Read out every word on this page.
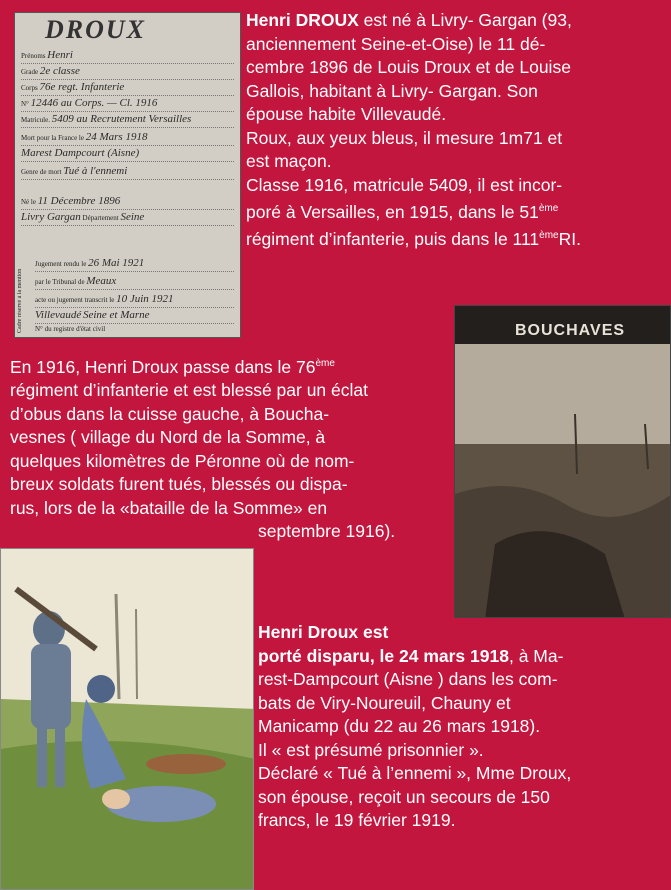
Henri DROUX est né à Livry- Gargan (93,
anciennement Seine-et-Oise) le 11 dé-
cembre 1896 de Louis Droux et de Louise
Gallois, habitant à Livry- Gargan. Son
épouse habite Villevaudé.
Roux, aux yeux bleus, il mesure 1m71 et
est maçon.
Classe 1916, matricule 5409, il est incor-
poré à Versailles, en 1915, dans le 51ème
régiment d’infanterie, puis dans le 111èmeRI.
En 1916, Henri Droux passe dans le 76ème
régiment d’infanterie et est blessé par un éclat
d’obus dans la cuisse gauche, à Boucha-
vesnes ( village du Nord de la Somme, à
quelques kilomètres de Péronne où de nom-
breux soldats furent tués, blessés ou dispa-
rus, lors de la «bataille de la Somme» en
septembre 1916).
Henri Droux est
porté disparu, le 24 mars 1918, à Ma-
rest-Dampcourt (Aisne ) dans les com-
bats de Viry-Noureuil, Chauny et
Manicamp (du 22 au 26 mars 1918).
Il « est présumé prisonnier ».
Déclaré « Tué à l’ennemi », Mme Droux,
son épouse, reçoit un secours de 150
francs, le 19 février 1919.
DROUX
Prénoms Henri
Grade 2e classe
Corps 76e regt. Infanterie
N° 12446 au Corps. — Cl. 1916
Matricule. 5409 au Recrutement Versailles
Mort pour la France le 24 Mars 1918
Marest Dampcourt (Aisne)
Genre de mort Tué à l'ennemi
Né le 11 Décembre 1896
Livry Gargan Département Seine
Jugement rendu le 26 Mai 1921
par le Tribunal de Meaux
acte ou jugement transcrit le 10 Juin 1921
Villevaudé Seine et Marne
N° du registre d'état civil
Cadre réservé à la mention	BOUCHAVES
